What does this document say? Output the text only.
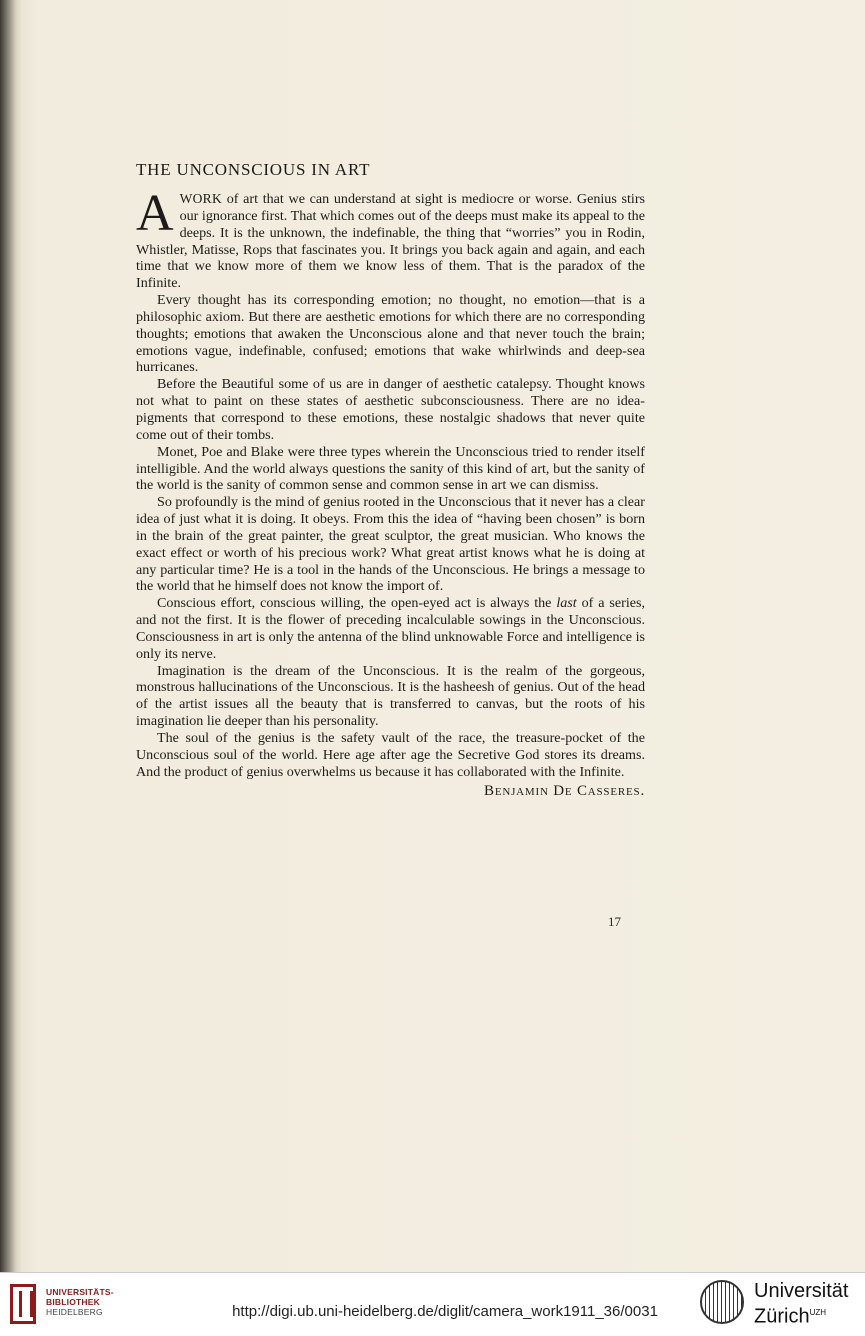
THE UNCONSCIOUS IN ART

AWORK of art that we can understand at sight is mediocre or worse. Genius stirs our ignorance first. That which comes out of the deeps must make its appeal to the deeps. It is the unknown, the indefinable, the thing that “worries” you in Rodin, Whistler, Matisse, Rops that fascinates you. It brings you back again and again, and each time that we know more of them we know less of them. That is the paradox of the Infinite.

Every thought has its corresponding emotion; no thought, no emotion—that is a philosophic axiom. But there are aesthetic emotions for which there are no corresponding thoughts; emotions that awaken the Unconscious alone and that never touch the brain; emotions vague, indefinable, confused; emotions that wake whirlwinds and deep-sea hurricanes.

Before the Beautiful some of us are in danger of aesthetic catalepsy. Thought knows not what to paint on these states of aesthetic subconsciousness. There are no idea-pigments that correspond to these emotions, these nostalgic shadows that never quite come out of their tombs.

Monet, Poe and Blake were three types wherein the Unconscious tried to render itself intelligible. And the world always questions the sanity of this kind of art, but the sanity of the world is the sanity of common sense and common sense in art we can dismiss.

So profoundly is the mind of genius rooted in the Unconscious that it never has a clear idea of just what it is doing. It obeys. From this the idea of “having been chosen” is born in the brain of the great painter, the great sculptor, the great musician. Who knows the exact effect or worth of his precious work? What great artist knows what he is doing at any particular time? He is a tool in the hands of the Unconscious. He brings a message to the world that he himself does not know the import of.

Conscious effort, conscious willing, the open-eyed act is always the last of a series, and not the first. It is the flower of preceding incalculable sowings in the Unconscious. Consciousness in art is only the antenna of the blind unknowable Force and intelligence is only its nerve.

Imagination is the dream of the Unconscious. It is the realm of the gorgeous, monstrous hallucinations of the Unconscious. It is the hasheesh of genius. Out of the head of the artist issues all the beauty that is transferred to canvas, but the roots of his imagination lie deeper than his personality.

The soul of the genius is the safety vault of the race, the treasure-pocket of the Unconscious soul of the world. Here age after age the Secretive God stores its dreams. And the product of genius overwhelms us because it has collaborated with the Infinite.

Benjamin De Casseres.
17
UNIVERSITÄTS-
BIBLIOTHEK
HEIDELBERG	http://digi.ub.uni-heidelberg.de/diglit/camera_work1911_36/0031
Universität
Zürich$^{UZH}$
